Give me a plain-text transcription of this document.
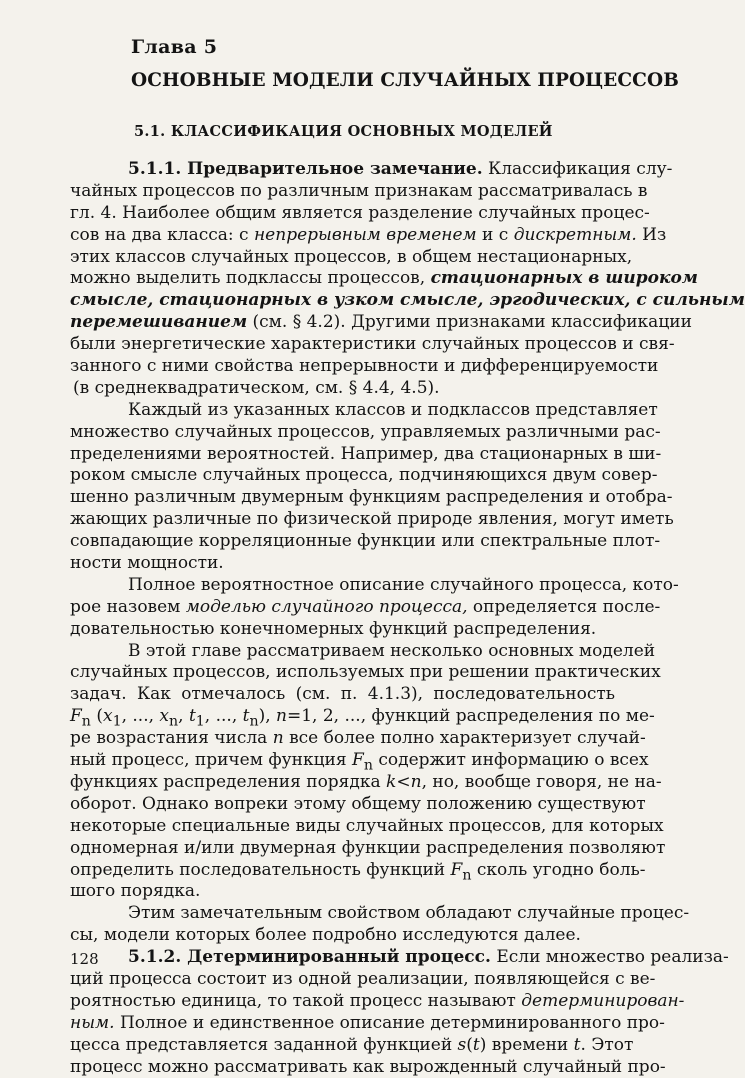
Глава 5

ОСНОВНЫЕ МОДЕЛИ СЛУЧАЙНЫХ ПРОЦЕССОВ

5.1. КЛАССИФИКАЦИЯ ОСНОВНЫХ МОДЕЛЕЙ

5.1.1. Предварительное замечание. Классификация слу-
чайных процессов по различным признакам рассматривалась в
гл. 4. Наиболее общим является разделение случайных процес-
сов на два класса: с непрерывным временем и с дискретным. Из
этих классов случайных процессов, в общем нестационарных,
можно выделить подклассы процессов, стационарных в широком
смысле, стационарных в узком смысле, эргодических, с сильным
перемешиванием (см. § 4.2). Другими признаками классификации
были энергетические характеристики случайных процессов и свя-
занного с ними свойства непрерывности и дифференцируемости
(в среднеквадратическом, см. § 4.4, 4.5).
Каждый из указанных классов и подклассов представляет
множество случайных процессов, управляемых различными рас-
пределениями вероятностей. Например, два стационарных в ши-
роком смысле случайных процесса, подчиняющихся двум совер-
шенно различным двумерным функциям распределения и отобра-
жающих различные по физической природе явления, могут иметь
совпадающие корреляционные функции или спектральные плот-
ности мощности.
Полное вероятностное описание случайного процесса, кото-
рое назовем моделью случайного процесса, определяется после-
довательностью конечномерных функций распределения.
В этой главе рассматриваем несколько основных моделей
случайных процессов, используемых при решении практических
задач. Как отмечалось (см. п. 4.1.3), последовательность
$F_n$ ($x_1$, ..., $x_n$, $t_1$, ..., $t_n$), n=1, 2, ..., функций распределения по ме-
ре возрастания числа n все более полно характеризует случай-
ный процесс, причем функция $F_n$ содержит информацию о всех
функциях распределения порядка k<n, но, вообще говоря, не на-
оборот. Однако вопреки этому общему положению существуют
некоторые специальные виды случайных процессов, для которых
одномерная и/или двумерная функции распределения позволяют
определить последовательность функций $F_n$ сколь угодно боль-
шого порядка.
Этим замечательным свойством обладают случайные процес-
сы, модели которых более подробно исследуются далее.
5.1.2. Детерминированный процесс. Если множество реализа-
ций процесса состоит из одной реализации, появляющейся с ве-
роятностью единица, то такой процесс называют детерминирован-
ным. Полное и единственное описание детерминированного про-
цесса представляется заданной функцией s(t) времени t. Этот
процесс можно рассматривать как вырожденный случайный про-

128
